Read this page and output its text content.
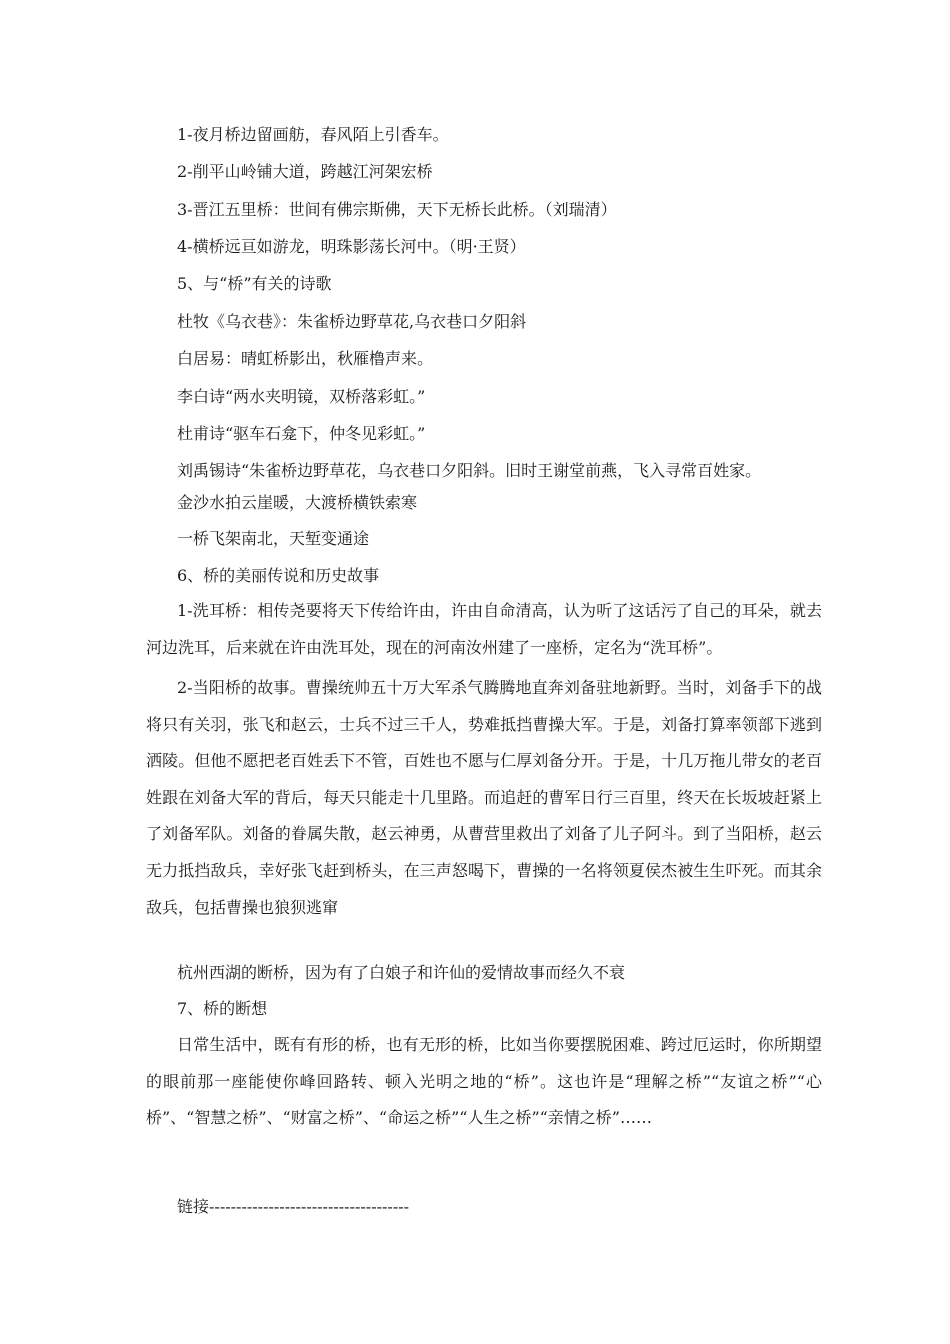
1-夜月桥边留画舫，春风陌上引香车。
2-削平山岭铺大道，跨越江河架宏桥
3-晋江五里桥：世间有佛宗斯佛，天下无桥长此桥。（刘瑞清）
4-横桥远亘如游龙，明珠影荡长河中。（明·王贤）
5、与“桥”有关的诗歌
杜牧《乌衣巷》：朱雀桥边野草花,乌衣巷口夕阳斜
白居易：晴虹桥影出，秋雁橹声来。
李白诗“两水夹明镜，双桥落彩虹。”
杜甫诗“驱车石龛下，仲冬见彩虹。”
刘禹锡诗“朱雀桥边野草花，乌衣巷口夕阳斜。旧时王谢堂前燕，飞入寻常百姓家。
金沙水拍云崖暖，大渡桥横铁索寒
一桥飞架南北，天堑变通途
6、桥的美丽传说和历史故事
1-洗耳桥：相传尧要将天下传给许由，许由自命清高，认为听了这话污了自己的耳朵，就去河边洗耳，后来就在许由洗耳处，现在的河南汝州建了一座桥，定名为“洗耳桥”。
2-当阳桥的故事。曹操统帅五十万大军杀气腾腾地直奔刘备驻地新野。当时，刘备手下的战将只有关羽，张飞和赵云，士兵不过三千人，势难抵挡曹操大军。于是，刘备打算率领部下逃到洒陵。但他不愿把老百姓丢下不管，百姓也不愿与仁厚刘备分开。于是，十几万拖儿带女的老百姓跟在刘备大军的背后，每天只能走十几里路。而追赶的曹军日行三百里，终天在长坂坡赶紧上了刘备军队。刘备的眷属失散，赵云神勇，从曹营里救出了刘备了儿子阿斗。到了当阳桥，赵云无力抵挡敌兵，幸好张飞赶到桥头，在三声怒喝下，曹操的一名将领夏侯杰被生生吓死。而其余敌兵，包括曹操也狼狈逃窜
杭州西湖的断桥，因为有了白娘子和许仙的爱情故事而经久不衰
7、桥的断想
日常生活中，既有有形的桥，也有无形的桥，比如当你要摆脱困难、跨过厄运时，你所期望的眼前那一座能使你峰回路转、顿入光明之地的“桥”。这也许是“理解之桥”“友谊之桥”“心桥”、“智慧之桥”、“财富之桥”、“命运之桥”“人生之桥”“亲情之桥”……
链接-------------------------------------
